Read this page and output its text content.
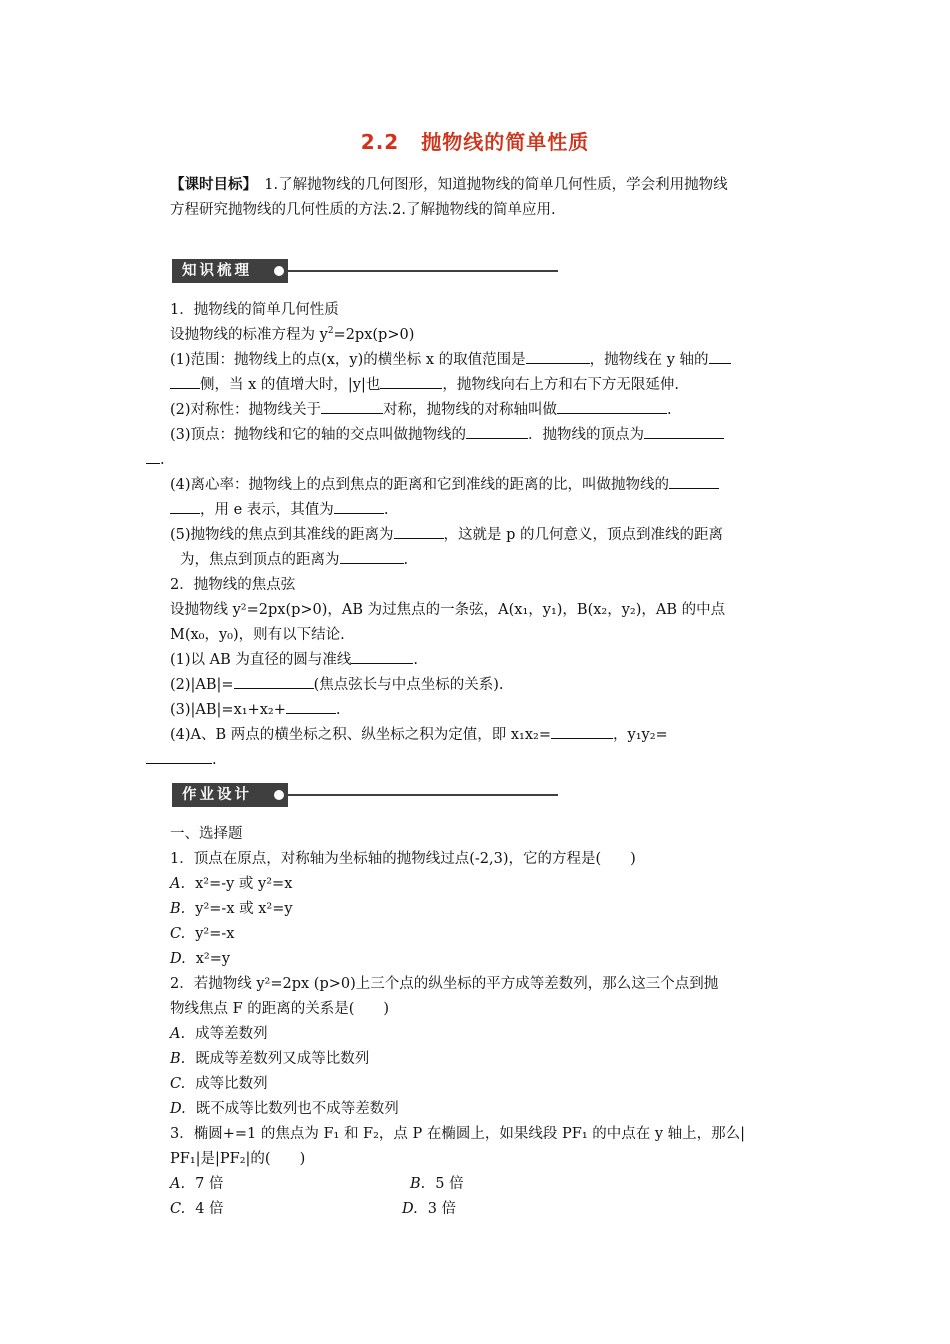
2.2 抛物线的简单性质

【课时目标】　 1.了解抛物线的几何图形，知道抛物线的简单几何性质，学会利用抛物线

方程研究抛物线的几何性质的方法.2.了解抛物线的简单应用.

知识梳理

1．抛物线的简单几何性质

设抛物线的标准方程为 $y^2=2px(p>0)$

(1)范围：抛物线上的点(x，y)的横坐标 x 的取值范围是	，抛物线在 y 轴的

侧，当 x 的值增大时，|y|也	，抛物线向右上方和右下方无限延伸.

(2)对称性：抛物线关于	对称，抛物线的对称轴叫做	.

(3)顶点：抛物线和它的轴的交点叫做抛物线的	．抛物线的顶点为

.

(4)离心率：抛物线上的点到焦点的距离和它到准线的距离的比，叫做抛物线的

，用 e 表示，其值为	.

(5)抛物线的焦点到其准线的距离为	，这就是 p 的几何意义，顶点到准线的距离

为，焦点到顶点的距离为	.

2．抛物线的焦点弦

设抛物线 y²=2px(p>0)，AB 为过焦点的一条弦，A(x₁，y₁)，B(x₂，y₂)，AB 的中点

M(x₀，y₀)，则有以下结论.

(1)以 AB 为直径的圆与准线	.

(2)|AB|=	(焦点弦长与中点坐标的关系).

(3)|AB|=x₁+x₂+	.

(4)A、B 两点的横坐标之积、纵坐标之积为定值，即 x₁x₂=	，y₁y₂=

.

作业设计

一、选择题

1．顶点在原点，对称轴为坐标轴的抛物线过点(-2,3)，它的方程是(　　)

A. x²=-y 或 y²=x

B. y²=-x 或 x²=y

C. y²=-x

D. x²=y

2．若抛物线 y²=2px (p>0)上三个点的纵坐标的平方成等差数列，那么这三个点到抛

物线焦点 F 的距离的关系是(　　)

A. 成等差数列

B. 既成等差数列又成等比数列

C. 成等比数列

D. 既不成等比数列也不成等差数列

3．椭圆+=1 的焦点为 F₁ 和 F₂，点 P 在椭圆上，如果线段 PF₁ 的中点在 y 轴上，那么|

PF₁|是|PF₂|的(　　)

A. 7 倍	B. 5 倍

C. 4 倍	D. 3 倍
